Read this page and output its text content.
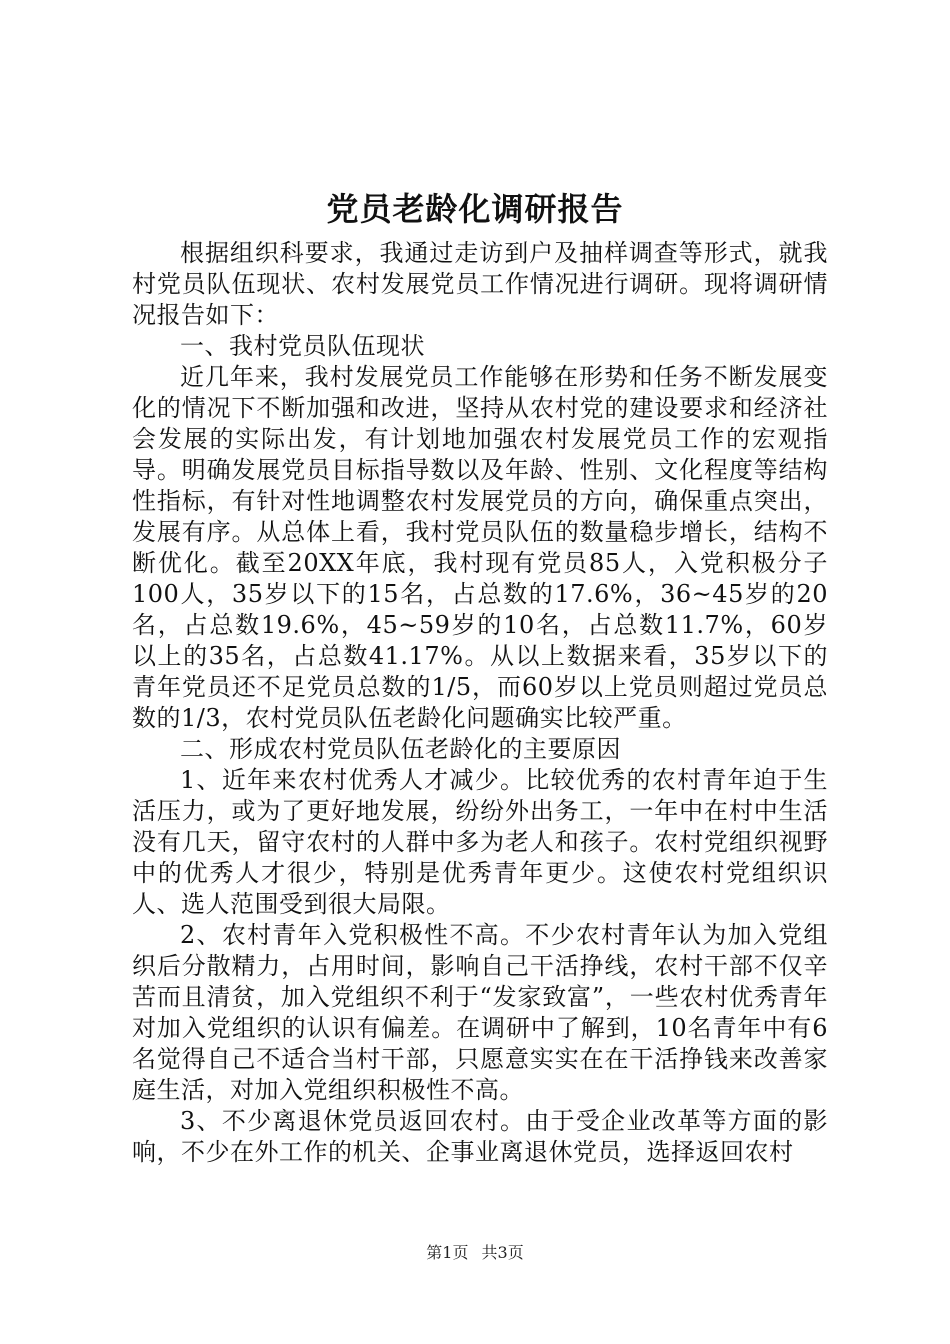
党员老龄化调研报告

根据组织科要求，我通过走访到户及抽样调查等形式，就我村党员队伍现状、农村发展党员工作情况进行调研。现将调研情况报告如下：

一、我村党员队伍现状

近几年来，我村发展党员工作能够在形势和任务不断发展变化的情况下不断加强和改进，坚持从农村党的建设要求和经济社会发展的实际出发，有计划地加强农村发展党员工作的宏观指导。明确发展党员目标指导数以及年龄、性别、文化程度等结构性指标，有针对性地调整农村发展党员的方向，确保重点突出，发展有序。从总体上看，我村党员队伍的数量稳步增长，结构不断优化。截至20XX年底，我村现有党员85人，入党积极分子100人，35岁以下的15名，占总数的17.6%，36~45岁的20名，占总数19.6%，45~59岁的10名，占总数11.7%，60岁以上的35名，占总数41.17%。从以上数据来看，35岁以下的青年党员还不足党员总数的1/5，而60岁以上党员则超过党员总数的1/3，农村党员队伍老龄化问题确实比较严重。

二、形成农村党员队伍老龄化的主要原因

1、近年来农村优秀人才减少。比较优秀的农村青年迫于生活压力，或为了更好地发展，纷纷外出务工，一年中在村中生活没有几天，留守农村的人群中多为老人和孩子。农村党组织视野中的优秀人才很少，特别是优秀青年更少。这使农村党组织识人、选人范围受到很大局限。

2、农村青年入党积极性不高。不少农村青年认为加入党组织后分散精力，占用时间，影响自己干活挣线，农村干部不仅辛苦而且清贫，加入党组织不利于“发家致富”，一些农村优秀青年对加入党组织的认识有偏差。在调研中了解到，10名青年中有6名觉得自己不适合当村干部，只愿意实实在在干活挣钱来改善家庭生活，对加入党组织积极性不高。

3、不少离退休党员返回农村。由于受企业改革等方面的影响，不少在外工作的机关、企事业离退休党员，选择返回农村

第1页 共3页
